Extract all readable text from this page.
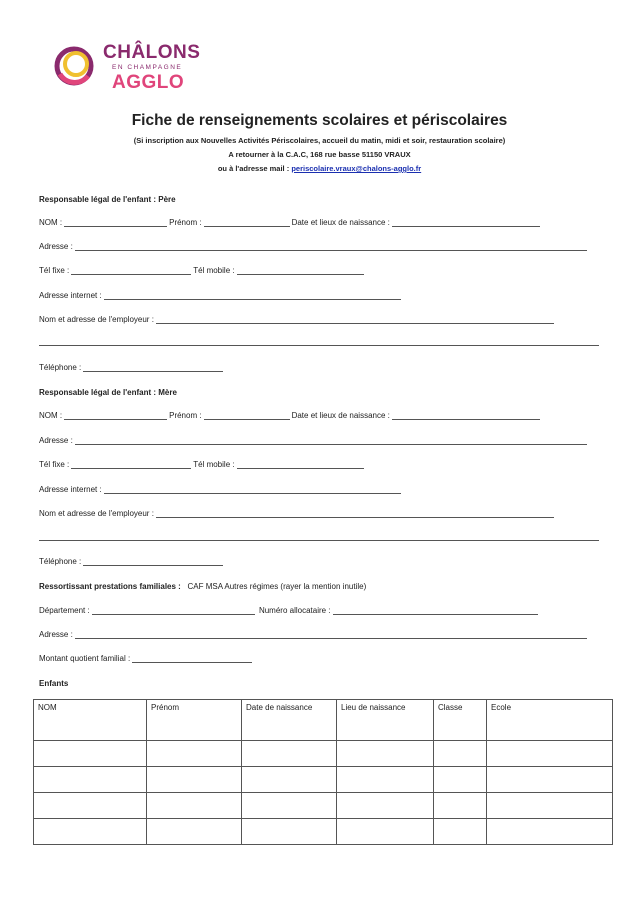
CHÂLONS
EN CHAMPAGNE
AGGLO
Fiche de renseignements scolaires et périscolaires
(Si inscription aux Nouvelles Activités Périscolaires, accueil du matin, midi et soir, restauration scolaire)
A retourner à la C.A.C, 168 rue basse 51150 VRAUX
ou à l'adresse mail : periscolaire.vraux@chalons-agglo.fr
Responsable légal de l'enfant : Père
NOM :	Prénom :	Date et lieux de naissance :
Adresse :
Tél fixe :	Tél mobile :
Adresse internet :
Nom et adresse de l'employeur :
Téléphone :
Responsable légal de l'enfant : Mère
NOM :	Prénom :	Date et lieux de naissance :
Adresse :
Tél fixe :	Tél mobile :
Adresse internet :
Nom et adresse de l'employeur :
Téléphone :
Ressortissant prestations familiales : CAF MSA Autres régimes (rayer la mention inutile)
Département :	Numéro allocataire :
Adresse :
Montant quotient familial :
Enfants
NOM	Prénom	Date de naissance	Lieu de naissance	Classe	Ecole
